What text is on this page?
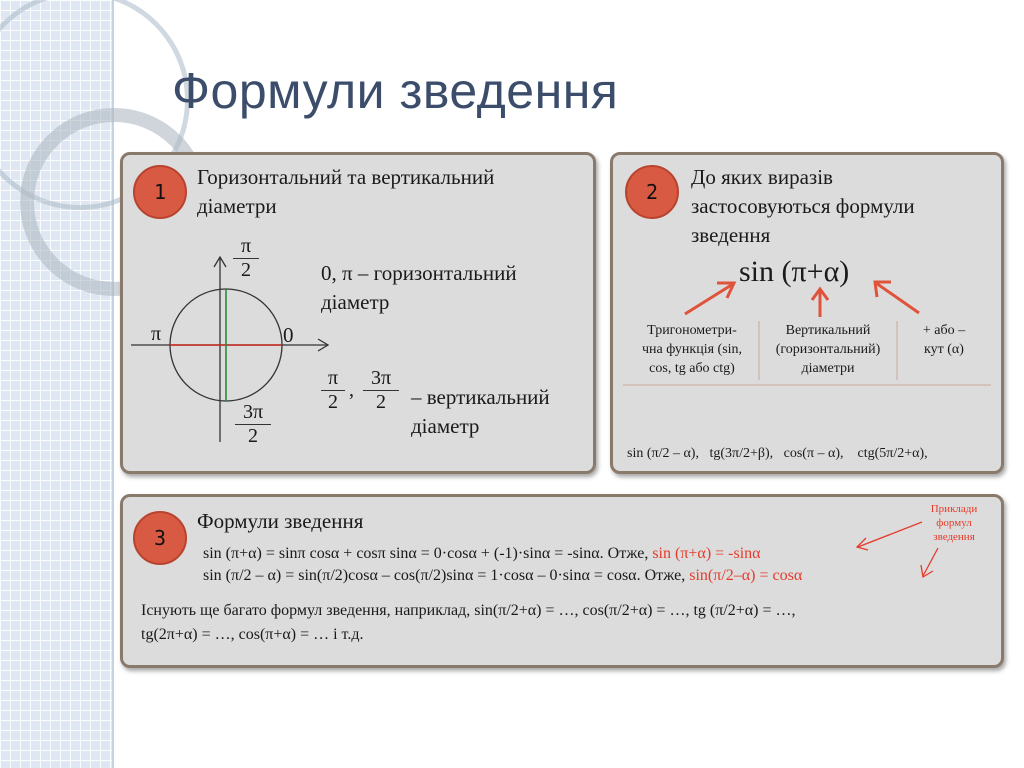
Формули зведення
1
Горизонтальний та вертикальний
діаметри
$\frac{\pi}{2}$
π	0
$\frac{3\pi}{2}$
0, π – горизонтальний
діаметр
$\frac{\pi}{2}$ , $\frac{3\pi}{2}$ – вертикальний
діаметр
2
До яких виразів
застосовуються формули
зведення
sin (π+α)
Тригонометри-
чна функція (sin,
cos, tg або ctg)
Вертикальний
(горизонтальний)
діаметри
+ або –
кут (α)

sin (π/2 – α),   tg(3π/2+β),   cos(π – α),    ctg(5π/2+α),

3
Формули зведення
sin (π+α) = sinπ cosα + cosπ sinα = 0·cosα + (-1)·sinα = -sinα. Отже, sin (π+α) = -sinα
sin (π/2 – α) = sin(π/2)cosα – cos(π/2)sinα = 1·cosα – 0·sinα = cosα. Отже, sin(π/2–α) = cosα
Існують ще багато формул зведення, наприклад, sin(π/2+α) = …, cos(π/2+α) = …, tg (π/2+α) = …,
tg(2π+α) = …, cos(π+α) = … і т.д.
Приклади
формул
зведення
